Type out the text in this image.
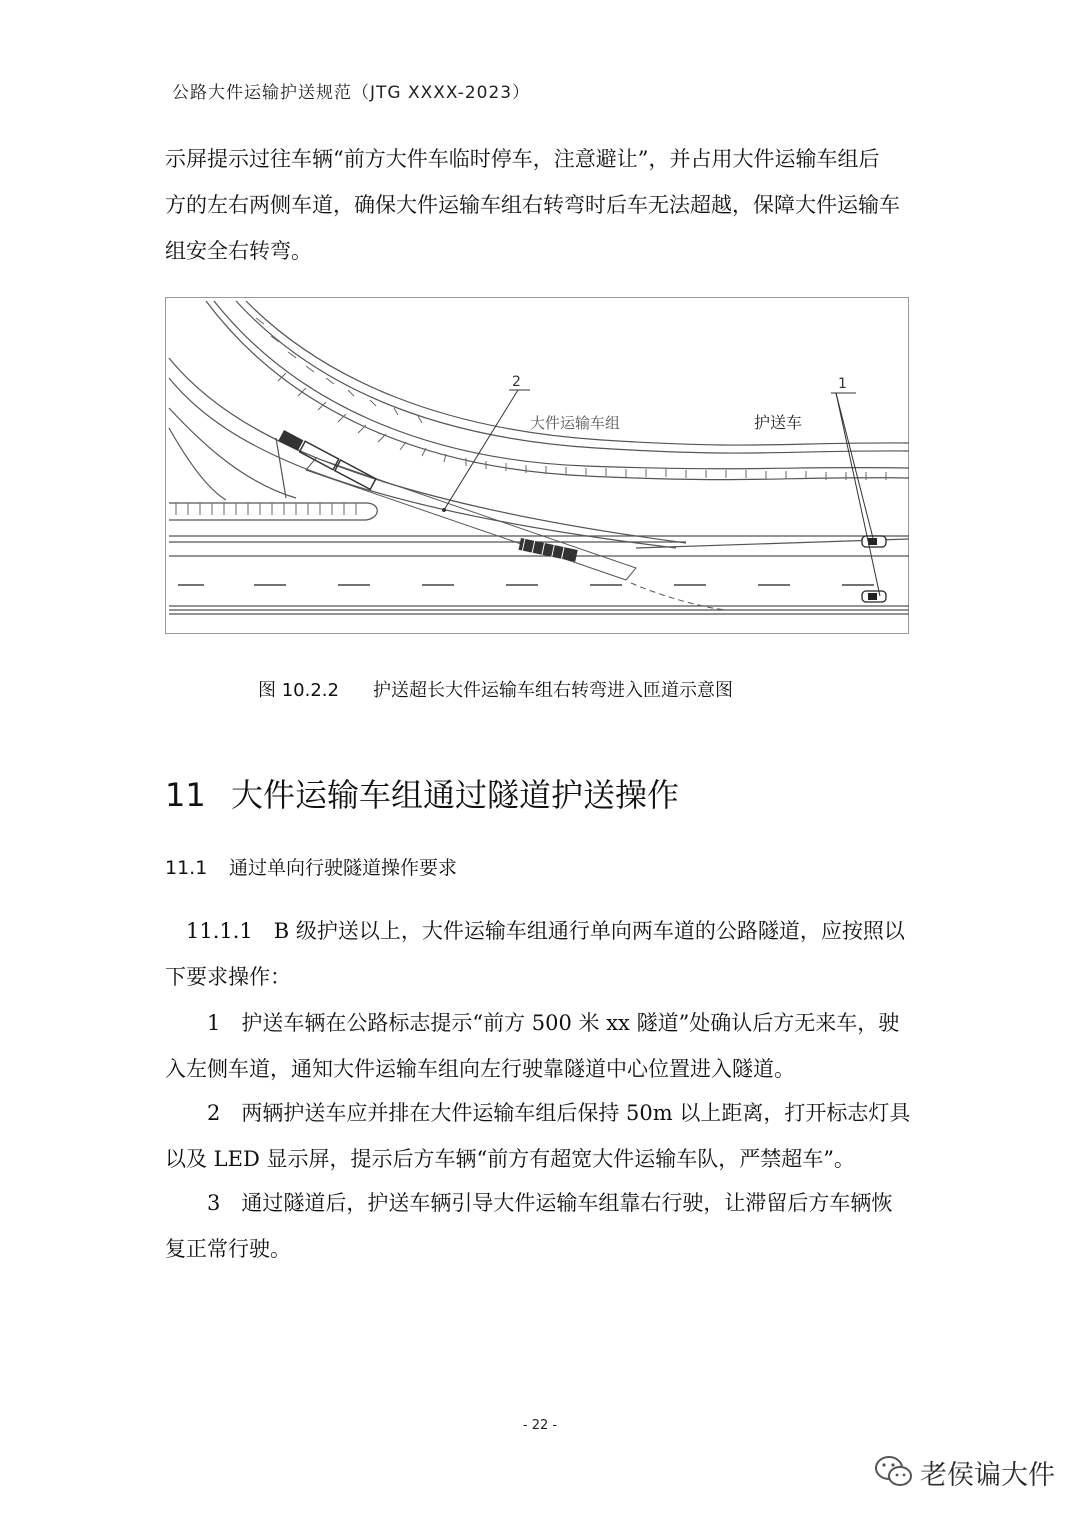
公路大件运输护送规范（JTG XXXX-2023）

示屏提示过往车辆“前方大件车临时停车，注意避让”，并占用大件运输车组后

方的左右两侧车道，确保大件运输车组右转弯时后车无法超越，保障大件运输车

组安全右转弯。

2	1
大件运输车组	护送车
图 10.2.2 护送超长大件运输车组右转弯进入匝道示意图
11 大件运输车组通过隧道护送操作
11.1 通过单向行驶隧道操作要求

　11.1.1　B 级护送以上，大件运输车组通行单向两车道的公路隧道，应按照以

下要求操作：

　　1　护送车辆在公路标志提示“前方 500 米 xx 隧道”处确认后方无来车，驶

入左侧车道，通知大件运输车组向左行驶靠隧道中心位置进入隧道。

　　2　两辆护送车应并排在大件运输车组后保持 50m 以上距离，打开标志灯具

以及 LED 显示屏，提示后方车辆“前方有超宽大件运输车队，严禁超车”。

　　3　通过隧道后，护送车辆引导大件运输车组靠右行驶，让滞留后方车辆恢

复正常行驶。

- 22 -
老侯谝大件
